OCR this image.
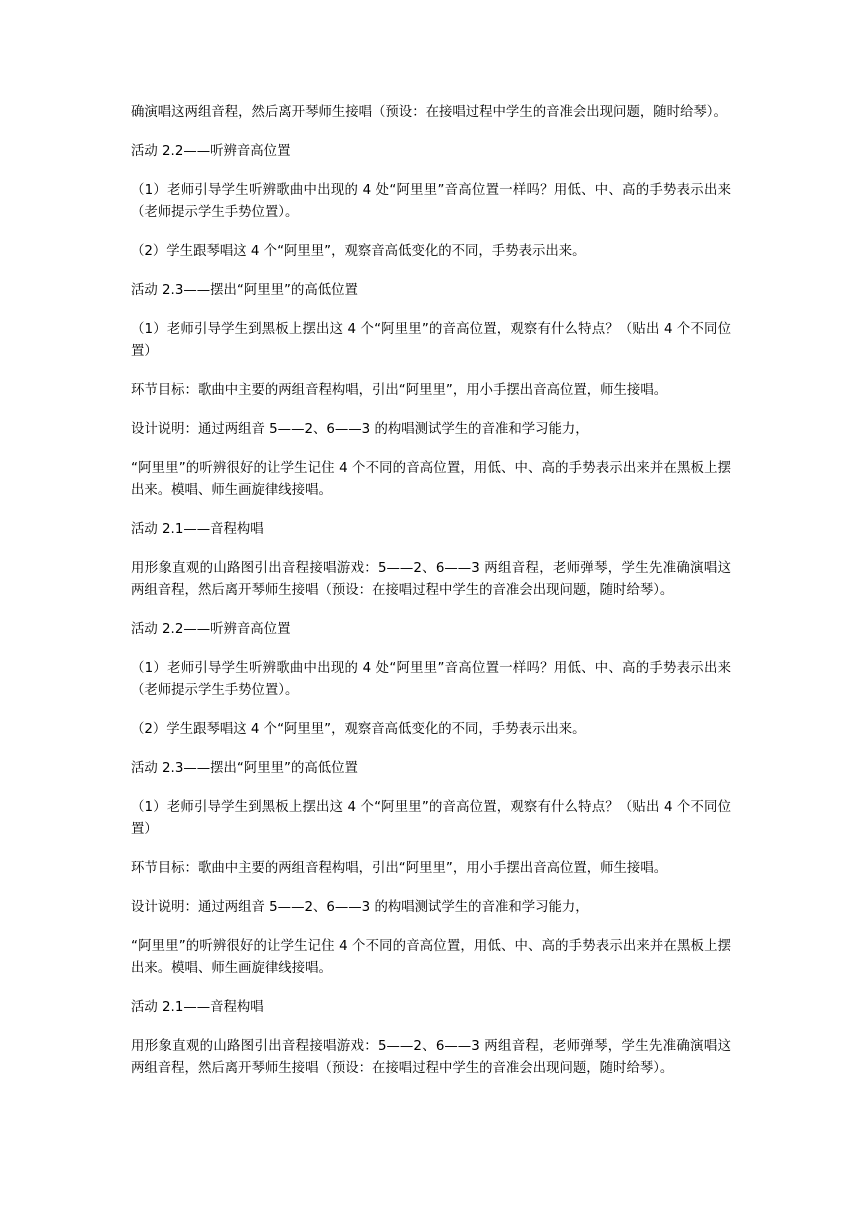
确演唱这两组音程，然后离开琴师生接唱（预设：在接唱过程中学生的音准会出现问题，随时给琴）。

活动 2.2——听辨音高位置

（1）老师引导学生听辨歌曲中出现的 4 处“阿里里”音高位置一样吗？用低、中、高的手势表示出来（老师提示学生手势位置）。

（2）学生跟琴唱这 4 个“阿里里”，观察音高低变化的不同，手势表示出来。

活动 2.3——摆出“阿里里”的高低位置

（1）老师引导学生到黑板上摆出这 4 个“阿里里”的音高位置，观察有什么特点？（贴出 4 个不同位置）

环节目标：歌曲中主要的两组音程构唱，引出“阿里里”，用小手摆出音高位置，师生接唱。

设计说明：通过两组音 5——2、6——3 的构唱测试学生的音准和学习能力，

“阿里里”的听辨很好的让学生记住 4 个不同的音高位置，用低、中、高的手势表示出来并在黑板上摆出来。模唱、师生画旋律线接唱。

活动 2.1——音程构唱

用形象直观的山路图引出音程接唱游戏：5——2、6——3 两组音程，老师弹琴，学生先准确演唱这两组音程，然后离开琴师生接唱（预设：在接唱过程中学生的音准会出现问题，随时给琴）。

活动 2.2——听辨音高位置

（1）老师引导学生听辨歌曲中出现的 4 处“阿里里”音高位置一样吗？用低、中、高的手势表示出来（老师提示学生手势位置）。

（2）学生跟琴唱这 4 个“阿里里”，观察音高低变化的不同，手势表示出来。

活动 2.3——摆出“阿里里”的高低位置

（1）老师引导学生到黑板上摆出这 4 个“阿里里”的音高位置，观察有什么特点？（贴出 4 个不同位置）

环节目标：歌曲中主要的两组音程构唱，引出“阿里里”，用小手摆出音高位置，师生接唱。

设计说明：通过两组音 5——2、6——3 的构唱测试学生的音准和学习能力，

“阿里里”的听辨很好的让学生记住 4 个不同的音高位置，用低、中、高的手势表示出来并在黑板上摆出来。模唱、师生画旋律线接唱。

活动 2.1——音程构唱

用形象直观的山路图引出音程接唱游戏：5——2、6——3 两组音程，老师弹琴，学生先准确演唱这两组音程，然后离开琴师生接唱（预设：在接唱过程中学生的音准会出现问题，随时给琴）。
